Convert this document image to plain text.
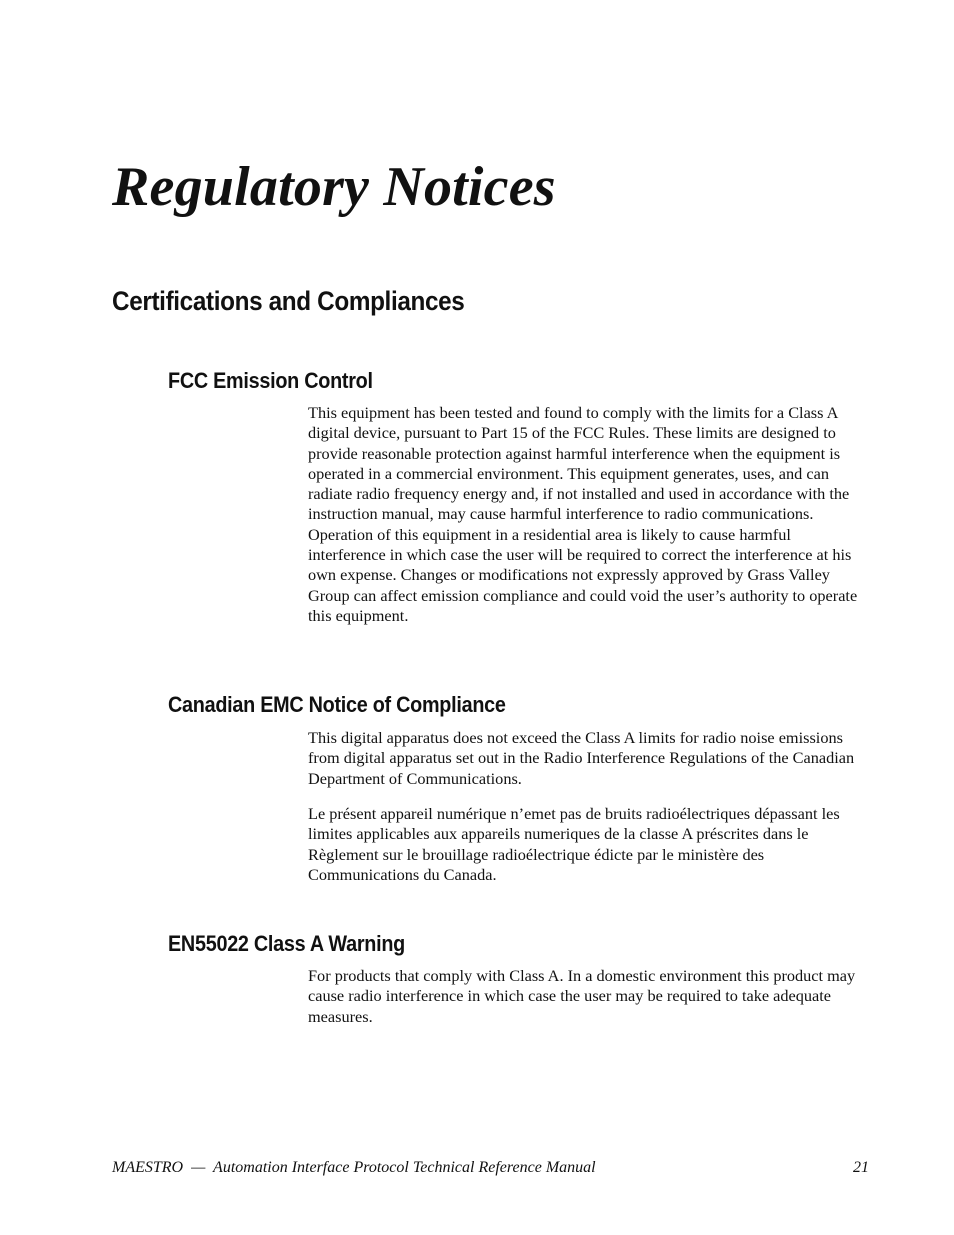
Regulatory Notices
Certifications and Compliances
FCC Emission Control

This equipment has been tested and found to comply with the limits for a Class A digital device, pursuant to Part 15 of the FCC Rules. These limits are designed to provide reasonable protection against harmful interference when the equipment is operated in a commercial environment. This equipment generates, uses, and can radiate radio frequency energy and, if not installed and used in accordance with the instruction manual, may cause harmful interference to radio communications. Operation of this equipment in a residential area is likely to cause harmful interference in which case the user will be required to correct the interference at his own expense. Changes or modifications not expressly approved by Grass Valley Group can affect emission compliance and could void the user’s authority to operate this equipment.

Canadian EMC Notice of Compliance

This digital apparatus does not exceed the Class A limits for radio noise emissions from digital apparatus set out in the Radio Interference Regulations of the Canadian Department of Communications.

Le présent appareil numérique n’emet pas de bruits radioélectriques dépassant les limites applicables aux appareils numeriques de la classe A préscrites dans le Règlement sur le brouillage radioélectrique édicte par le ministère des Communications du Canada.

EN55022 Class A Warning

For products that comply with Class A. In a domestic environment this product may cause radio interference in which case the user may be required to take adequate measures.

MAESTRO  —  Automation Interface Protocol Technical Reference Manual	21
